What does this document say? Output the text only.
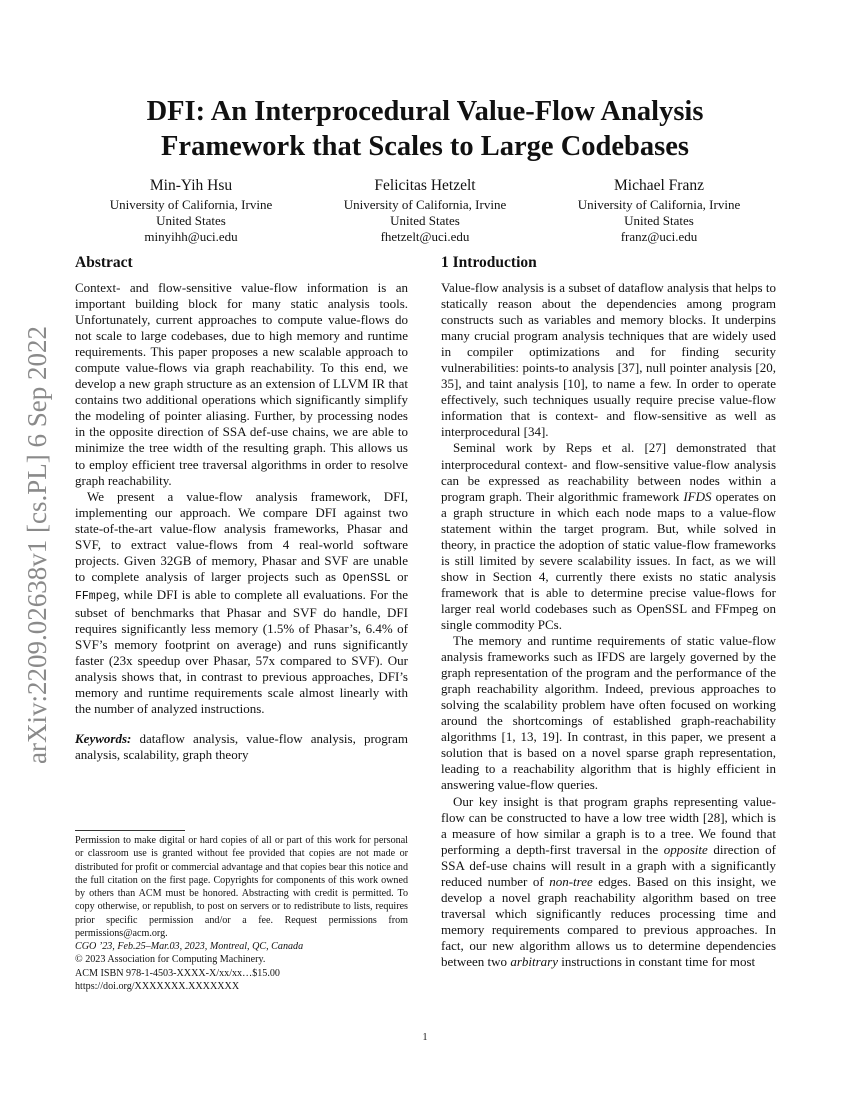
arXiv:2209.02638v1 [cs.PL] 6 Sep 2022
DFI: An Interprocedural Value-Flow Analysis
Framework that Scales to Large Codebases
Min-Yih Hsu
University of California, Irvine
United States
minyihh@uci.edu
Felicitas Hetzelt
University of California, Irvine
United States
fhetzelt@uci.edu
Michael Franz
University of California, Irvine
United States
franz@uci.edu
Abstract

Context- and flow-sensitive value-flow information is an important building block for many static analysis tools. Unfortunately, current approaches to compute value-flows do not scale to large codebases, due to high memory and runtime requirements. This paper proposes a new scalable approach to compute value-flows via graph reachability. To this end, we develop a new graph structure as an extension of LLVM IR that contains two additional operations which significantly simplify the modeling of pointer aliasing. Further, by processing nodes in the opposite direction of SSA def-use chains, we are able to minimize the tree width of the resulting graph. This allows us to employ efficient tree traversal algorithms in order to resolve graph reachability.

We present a value-flow analysis framework, DFI, implementing our approach. We compare DFI against two state-of-the-art value-flow analysis frameworks, Phasar and SVF, to extract value-flows from 4 real-world software projects. Given 32GB of memory, Phasar and SVF are unable to complete analysis of larger projects such as OpenSSL or FFmpeg, while DFI is able to complete all evaluations. For the subset of benchmarks that Phasar and SVF do handle, DFI requires significantly less memory (1.5% of Phasar’s, 6.4% of SVF’s memory footprint on average) and runs significantly faster (23x speedup over Phasar, 57x compared to SVF). Our analysis shows that, in contrast to previous approaches, DFI’s memory and runtime requirements scale almost linearly with the number of analyzed instructions.

Keywords: dataflow analysis, value-flow analysis, program analysis, scalability, graph theory

Permission to make digital or hard copies of all or part of this work for personal or classroom use is granted without fee provided that copies are not made or distributed for profit or commercial advantage and that copies bear this notice and the full citation on the first page. Copyrights for components of this work owned by others than ACM must be honored. Abstracting with credit is permitted. To copy otherwise, or republish, to post on servers or to redistribute to lists, requires prior specific permission and/or a fee. Request permissions from permissions@acm.org.

CGO ’23, Feb.25–Mar.03, 2023, Montreal, QC, Canada

© 2023 Association for Computing Machinery.

ACM ISBN 978-1-4503-XXXX-X/xx/xx…$15.00

https://doi.org/XXXXXXX.XXXXXXX

1 Introduction

Value-flow analysis is a subset of dataflow analysis that helps to statically reason about the dependencies among program constructs such as variables and memory blocks. It underpins many crucial program analysis techniques that are widely used in compiler optimizations and for finding security vulnerabilities: points-to analysis [37], null pointer analysis [20, 35], and taint analysis [10], to name a few. In order to operate effectively, such techniques usually require precise value-flow information that is context- and flow-sensitive as well as interprocedural [34].

Seminal work by Reps et al. [27] demonstrated that interprocedural context- and flow-sensitive value-flow analysis can be expressed as reachability between nodes within a program graph. Their algorithmic framework IFDS operates on a graph structure in which each node maps to a value-flow statement within the target program. But, while solved in theory, in practice the adoption of static value-flow frameworks is still limited by severe scalability issues. In fact, as we will show in Section 4, currently there exists no static analysis framework that is able to determine precise value-flows for larger real world codebases such as OpenSSL and FFmpeg on single commodity PCs.

The memory and runtime requirements of static value-flow analysis frameworks such as IFDS are largely governed by the graph representation of the program and the performance of the graph reachability algorithm. Indeed, previous approaches to solving the scalability problem have often focused on working around the shortcomings of established graph-reachability algorithms [1, 13, 19]. In contrast, in this paper, we present a solution that is based on a novel sparse graph representation, leading to a reachability algorithm that is highly efficient in answering value-flow queries.

Our key insight is that program graphs representing value-flow can be constructed to have a low tree width [28], which is a measure of how similar a graph is to a tree. We found that performing a depth-first traversal in the opposite direction of SSA def-use chains will result in a graph with a significantly reduced number of non-tree edges. Based on this insight, we develop a novel graph reachability algorithm based on tree traversal which significantly reduces processing time and memory requirements compared to previous approaches. In fact, our new algorithm allows us to determine dependencies between two arbitrary instructions in constant time for most

1
